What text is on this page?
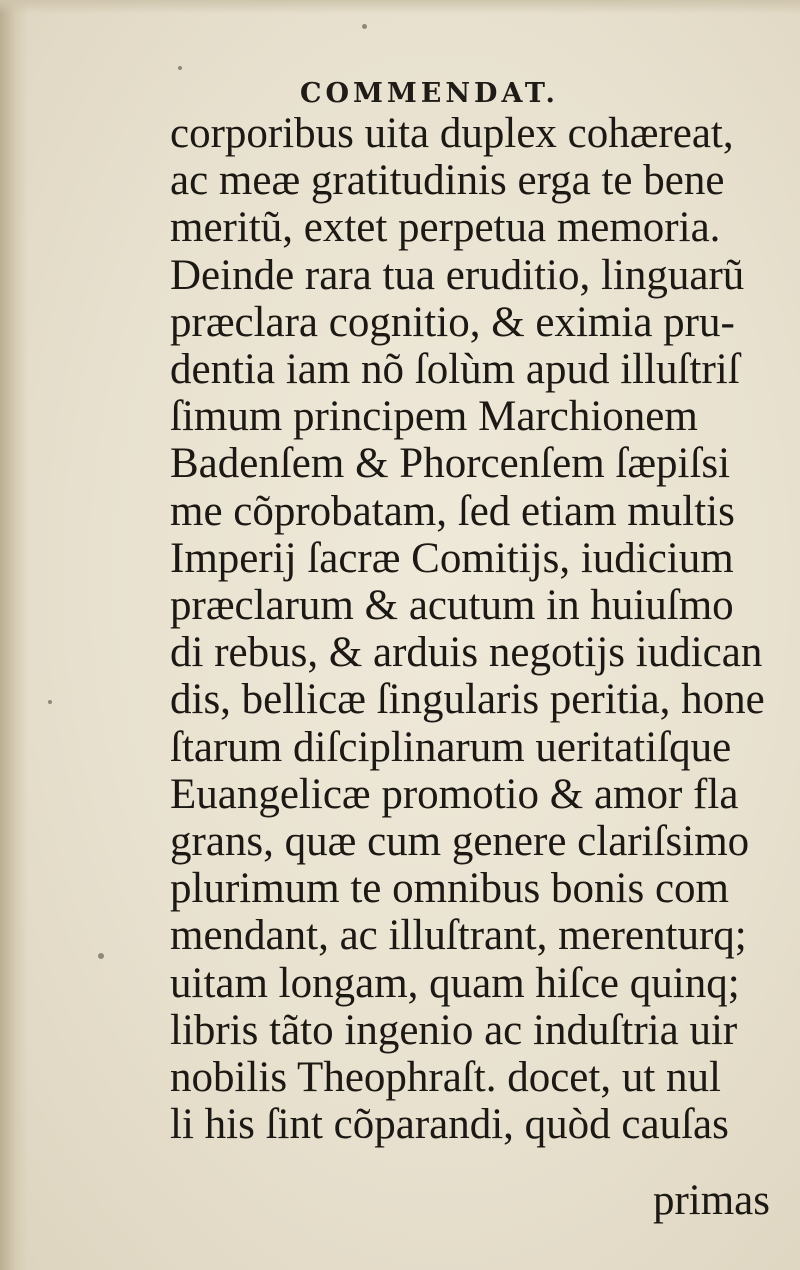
COMMENDAT.
corporibus uita duplex cohæreat,
ac meæ gratitudinis erga te bene
meritũ, extet perpetua memoria.
Deinde rara tua eruditio, linguarũ
præclara cognitio, & eximia pru-
dentia iam nõ ſolùm apud illuſtriſ
ſimum principem Marchionem
Badenſem & Phorcenſem ſæpiſsi
me cõprobatam, ſed etiam multis
Imperij ſacræ Comitijs, iudicium
præclarum & acutum in huiuſmo
di rebus, & arduis negotijs iudican
dis, bellicæ ſingularis peritia, hone
ſtarum diſciplinarum ueritatiſque
Euangelicæ promotio & amor fla
grans, quæ cum genere clariſsimo
plurimum te omnibus bonis com
mendant, ac illuſtrant, merenturq;
uitam longam, quam hiſce quinq;
libris tãto ingenio ac induſtria uir
nobilis Theophraſt. docet, ut nul
li his ſint cõparandi, quòd cauſas
primas
